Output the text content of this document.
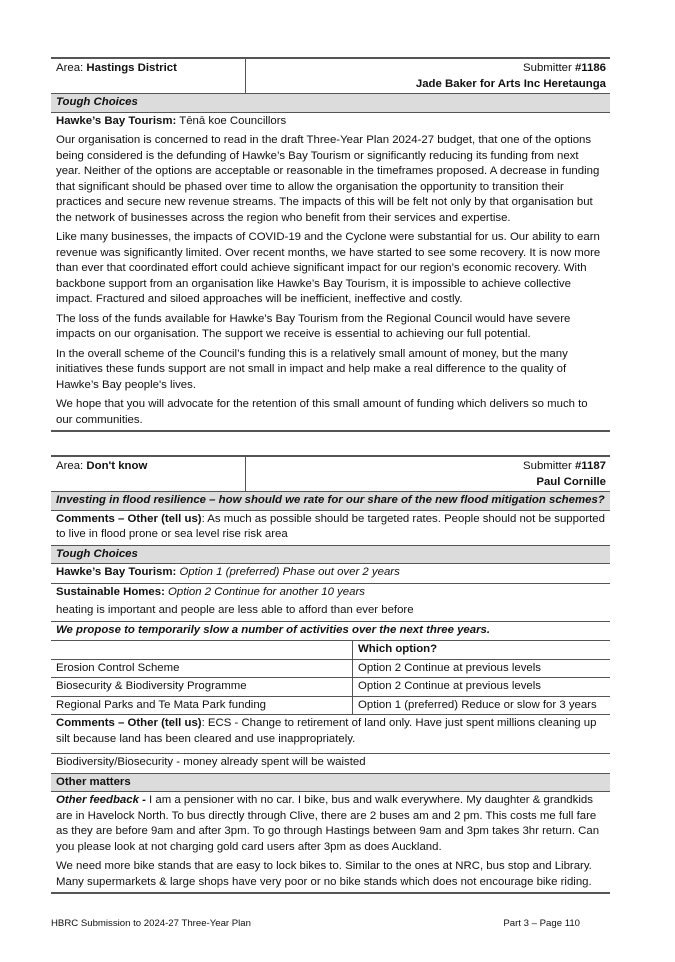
Area: Hastings District	Submitter #1186
Jade Baker for Arts Inc Heretaunga
Tough Choices

Hawke’s Bay Tourism: Tēnā koe Councillors

Our organisation is concerned to read in the draft Three-Year Plan 2024-27 budget, that one of the options being considered is the defunding of Hawke’s Bay Tourism or significantly reducing its funding from next year. Neither of the options are acceptable or reasonable in the timeframes proposed. A decrease in funding that significant should be phased over time to allow the organisation the opportunity to transition their practices and secure new revenue streams. The impacts of this will be felt not only by that organisation but the network of businesses across the region who benefit from their services and expertise.

Like many businesses, the impacts of COVID-19 and the Cyclone were substantial for us. Our ability to earn revenue was significantly limited. Over recent months, we have started to see some recovery. It is now more than ever that coordinated effort could achieve significant impact for our region’s economic recovery. With backbone support from an organisation like Hawke’s Bay Tourism, it is impossible to achieve collective impact. Fractured and siloed approaches will be inefficient, ineffective and costly.

The loss of the funds available for Hawke’s Bay Tourism from the Regional Council would have severe impacts on our organisation. The support we receive is essential to achieving our full potential.

In the overall scheme of the Council’s funding this is a relatively small amount of money, but the many initiatives these funds support are not small in impact and help make a real difference to the quality of Hawke’s Bay people's lives.

We hope that you will advocate for the retention of this small amount of funding which delivers so much to our communities.

Area: Don't know	Submitter #1187
Paul Cornille
Investing in flood resilience – how should we rate for our share of the new flood mitigation schemes?
Comments – Other (tell us): As much as possible should be targeted rates. People should not be supported to live in flood prone or sea level rise risk area
Tough Choices
Hawke’s Bay Tourism: Option 1 (preferred) Phase out over 2 years
Sustainable Homes: Option 2 Continue for another 10 years
heating is important and people are less able to afford than ever before
We propose to temporarily slow a number of activities over the next three years.
Which option?
Erosion Control Scheme	Option 2 Continue at previous levels
Biosecurity & Biodiversity Programme	Option 2 Continue at previous levels
Regional Parks and Te Mata Park funding	Option 1 (preferred) Reduce or slow for 3 years
Comments – Other (tell us): ECS - Change to retirement of land only. Have just spent millions cleaning up silt because land has been cleared and use inappropriately.
Biodiversity/Biosecurity - money already spent will be waisted
Other matters

Other feedback - I am a pensioner with no car. I bike, bus and walk everywhere. My daughter & grandkids are in Havelock North. To bus directly through Clive, there are 2 buses am and 2 pm. This costs me full fare as they are before 9am and after 3pm. To go through Hastings between 9am and 3pm takes 3hr return. Can you please look at not charging gold card users after 3pm as does Auckland.

We need more bike stands that are easy to lock bikes to. Similar to the ones at NRC, bus stop and Library. Many supermarkets & large shops have very poor or no bike stands which does not encourage bike riding.

HBRC Submission to 2024-27 Three-Year Plan	Part 3 – Page 110
